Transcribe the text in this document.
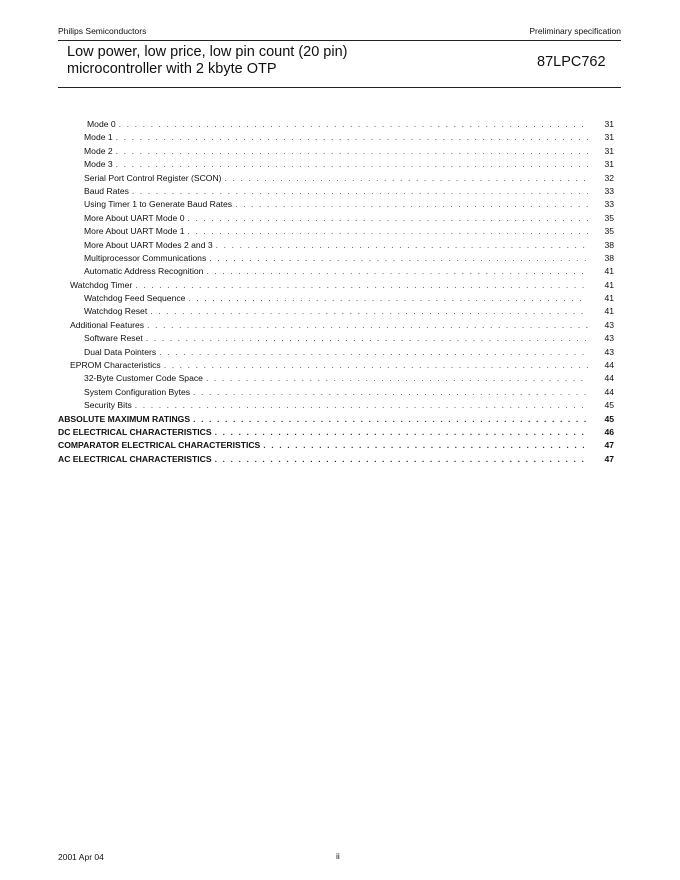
Philips Semiconductors	Preliminary specification
Low power, low price, low pin count (20 pin)
microcontroller with 2 kbyte OTP	87LPC762
Mode 0 . . .	31
Mode 1 . . .	31
Mode 2 . . .	31
Mode 3 . . .	31
Serial Port Control Register (SCON) . . .	32
Baud Rates . . .	33
Using Timer 1 to Generate Baud Rates . . .	33
More About UART Mode 0 . . .	35
More About UART Mode 1 . . .	35
More About UART Modes 2 and 3 . . .	38
Multiprocessor Communications . . .	38
Automatic Address Recognition . . .	41
Watchdog Timer . . .	41
Watchdog Feed Sequence . . .	41
Watchdog Reset . . .	41
Additional Features . . .	43
Software Reset . . .	43
Dual Data Pointers . . .	43
EPROM Characteristics . . .	44
32-Byte Customer Code Space . . .	44
System Configuration Bytes . . .	44
Security Bits . . .	45
ABSOLUTE MAXIMUM RATINGS . . .	45
DC ELECTRICAL CHARACTERISTICS . . .	46
COMPARATOR ELECTRICAL CHARACTERISTICS . . .	47
AC ELECTRICAL CHARACTERISTICS . . .	47
2001 Apr 04	ii
